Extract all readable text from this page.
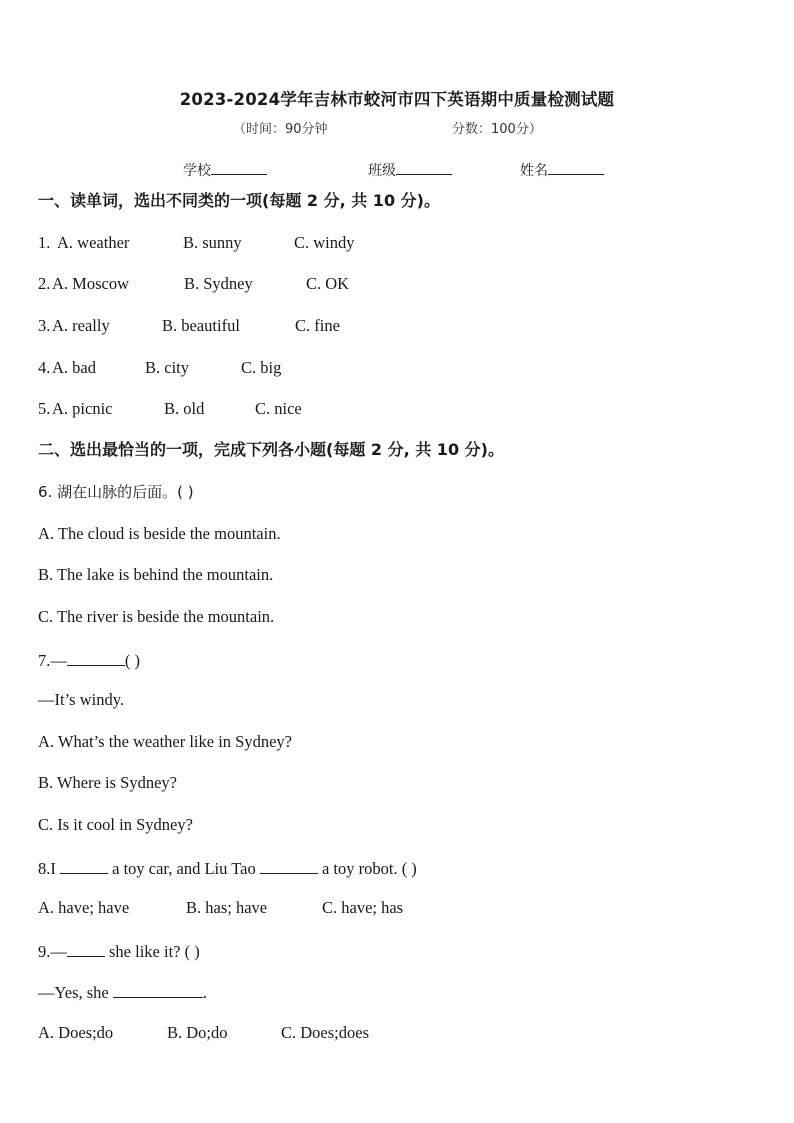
2023-2024学年吉林市蛟河市四下英语期中质量检测试题
（时间：90分钟	分数：100分）
学校	班级	姓名
一、读单词，选出不同类的一项(每题 2 分, 共 10 分)。
1. A. weather	B. sunny	C. windy
2. A. Moscow	B. Sydney	C. OK
3. A. really	B. beautiful	C. fine
4. A. bad	B. city	C. big
5. A. picnic	B. old	C. nice
二、选出最恰当的一项，完成下列各小题(每题 2 分, 共 10 分)。
6. 湖在山脉的后面。( )
A. The cloud is beside the mountain.
B. The lake is behind the mountain.
C. The river is beside the mountain.
7.—	( )
—It’s windy.
A. What’s the weather like in Sydney?
B. Where is Sydney?
C. Is it cool in Sydney?
8.I	a toy car, and Liu Tao	a toy robot. ( )
A. have; have	B. has; have	C. have; has
9.— she like it? ( )
—Yes, she	.
A. Does;do	B. Do;do	C. Does;does
